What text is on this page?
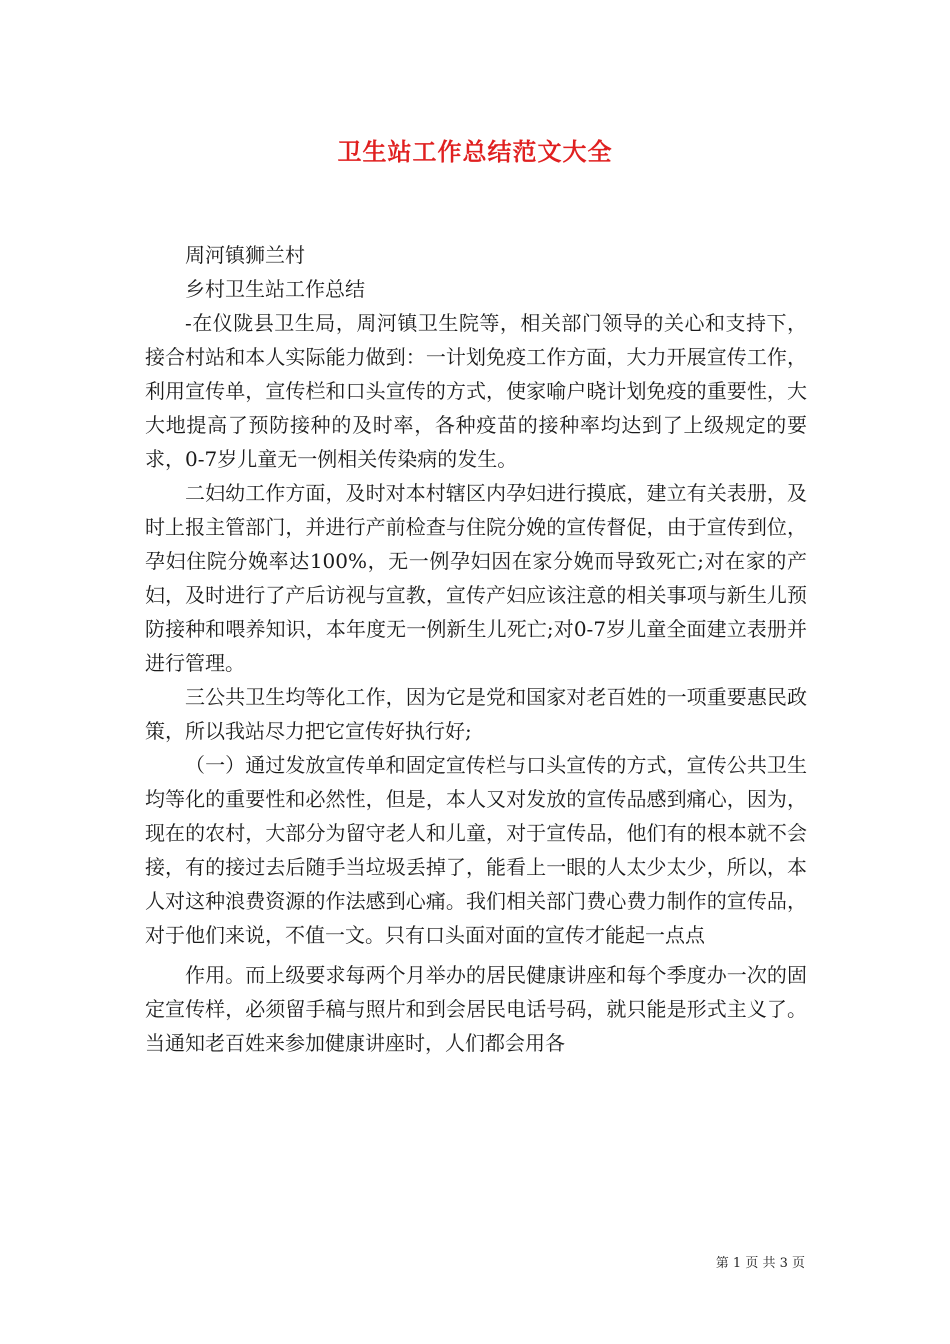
卫生站工作总结范文大全

周河镇狮兰村

乡村卫生站工作总结

-在仪陇县卫生局，周河镇卫生院等，相关部门领导的关心和支持下，接合村站和本人实际能力做到：一计划免疫工作方面，大力开展宣传工作，利用宣传单，宣传栏和口头宣传的方式，使家喻户晓计划免疫的重要性，大大地提高了预防接种的及时率，各种疫苗的接种率均达到了上级规定的要求，0-7岁儿童无一例相关传染病的发生。

二妇幼工作方面，及时对本村辖区内孕妇进行摸底，建立有关表册，及时上报主管部门，并进行产前检查与住院分娩的宣传督促，由于宣传到位，孕妇住院分娩率达100%，无一例孕妇因在家分娩而导致死亡;对在家的产妇，及时进行了产后访视与宣教，宣传产妇应该注意的相关事项与新生儿预防接种和喂养知识，本年度无一例新生儿死亡;对0-7岁儿童全面建立表册并进行管理。

三公共卫生均等化工作，因为它是党和国家对老百姓的一项重要惠民政策，所以我站尽力把它宣传好执行好;

（一）通过发放宣传单和固定宣传栏与口头宣传的方式，宣传公共卫生均等化的重要性和必然性，但是，本人又对发放的宣传品感到痛心，因为，现在的农村，大部分为留守老人和儿童，对于宣传品，他们有的根本就不会接，有的接过去后随手当垃圾丢掉了，能看上一眼的人太少太少，所以，本人对这种浪费资源的作法感到心痛。我们相关部门费心费力制作的宣传品，对于他们来说，不值一文。只有口头面对面的宣传才能起一点点

作用。而上级要求每两个月举办的居民健康讲座和每个季度办一次的固定宣传样，必须留手稿与照片和到会居民电话号码，就只能是形式主义了。当通知老百姓来参加健康讲座时，人们都会用各

第 1 页 共 3 页
